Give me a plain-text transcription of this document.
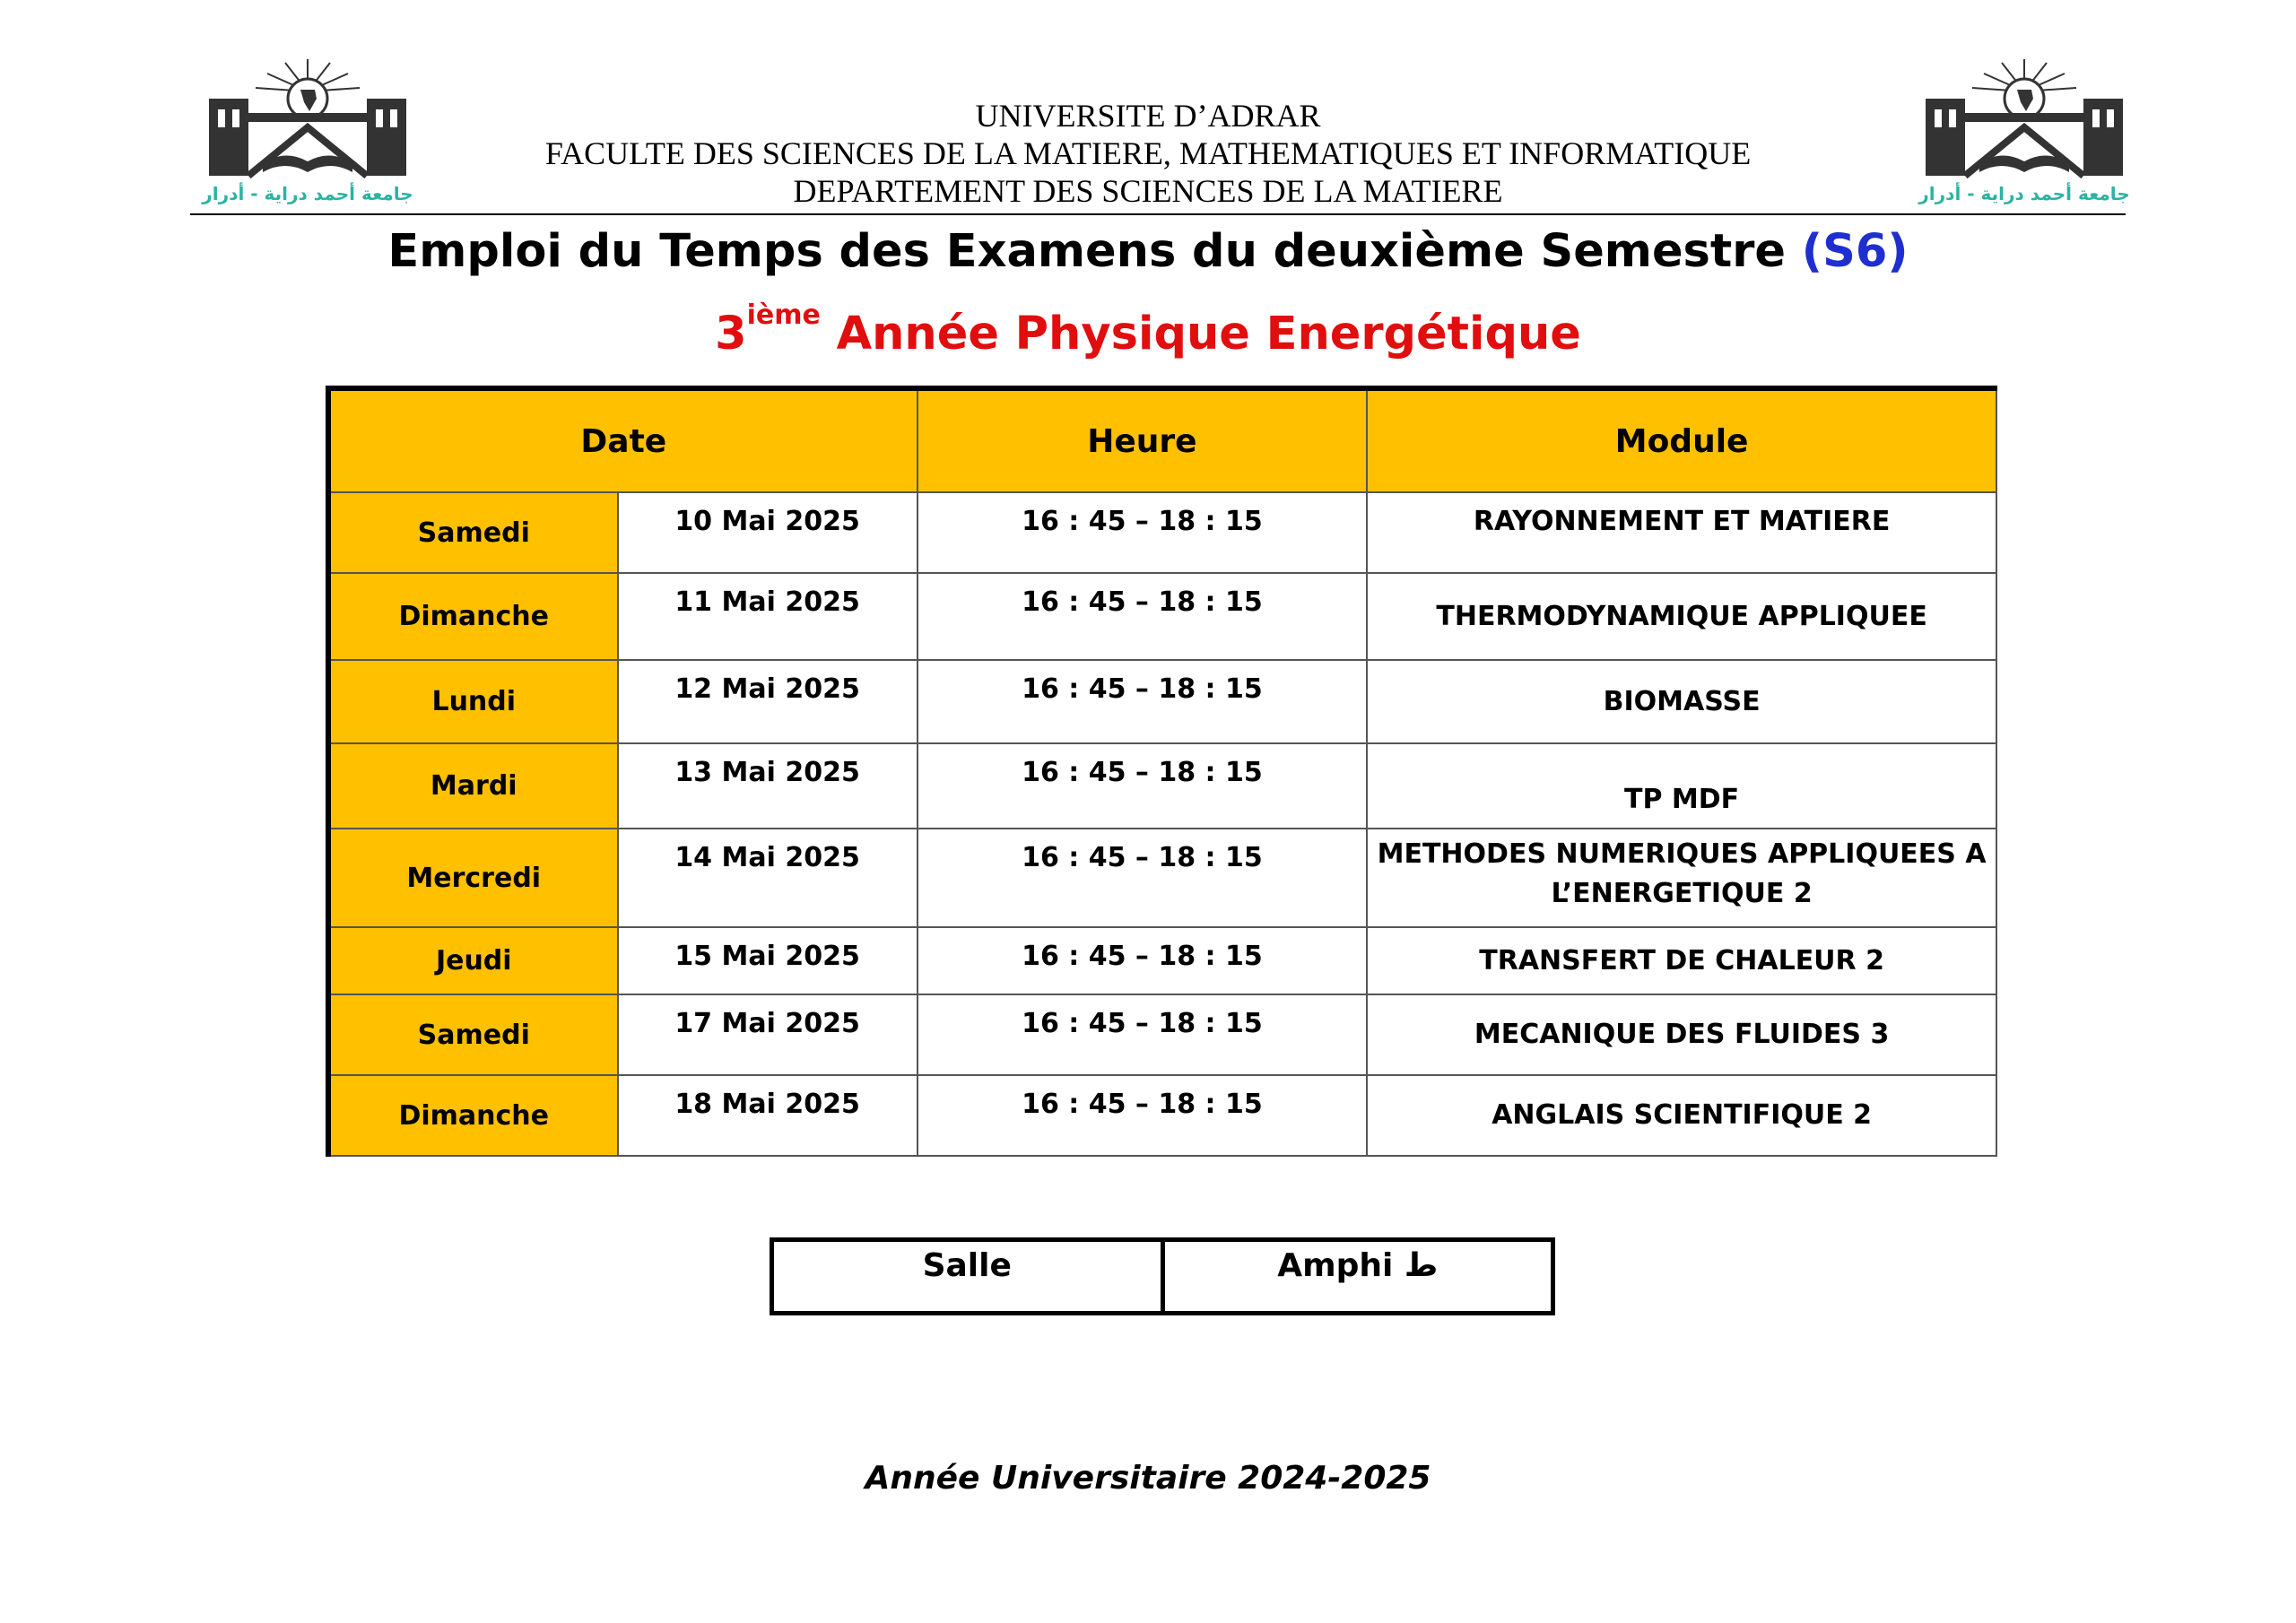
جامعة أحمد دراية - أدرار	جامعة أحمد دراية - أدرار
UNIVERSITE D’ADRAR
FACULTE DES SCIENCES DE LA MATIERE, MATHEMATIQUES ET INFORMATIQUE
DEPARTEMENT DES SCIENCES DE LA MATIERE
Emploi du Temps des Examens du deuxième Semestre (S6)
3ième Année Physique Energétique
Date		Heure	Module
Samedi	10 Mai 2025	16 : 45 – 18 : 15	RAYONNEMENT ET MATIERE
Dimanche	11 Mai 2025	16 : 45 – 18 : 15	THERMODYNAMIQUE APPLIQUEE
Lundi	12 Mai 2025	16 : 45 – 18 : 15	BIOMASSE
Mardi	13 Mai 2025	16 : 45 – 18 : 15	TP MDF
Mercredi	14 Mai 2025	16 : 45 – 18 : 15	METHODES NUMERIQUES APPLIQUEES A L’ENERGETIQUE 2
Jeudi	15 Mai 2025	16 : 45 – 18 : 15	TRANSFERT DE CHALEUR 2
Samedi	17 Mai 2025	16 : 45 – 18 : 15	MECANIQUE DES FLUIDES 3
Dimanche	18 Mai 2025	16 : 45 – 18 : 15	ANGLAIS SCIENTIFIQUE 2
Salle	Amphi ط
Année Universitaire 2024-2025
